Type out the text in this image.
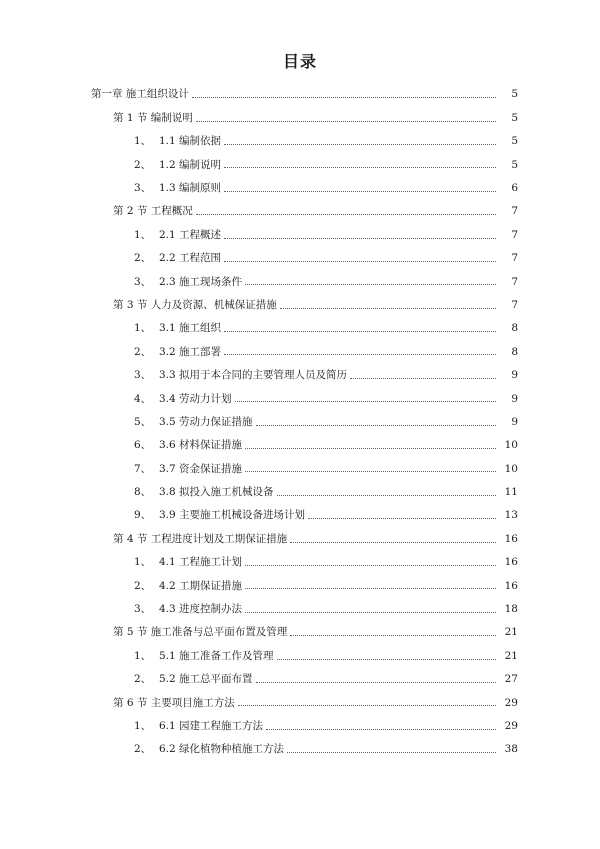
目录
第一章 施工组织设计	5
第 1 节 编制说明	5
1、 1.1 编制依据	5
2、 1.2 编制说明	5
3、 1.3 编制原则	6
第 2 节 工程概况	7
1、 2.1 工程概述	7
2、 2.2 工程范围	7
3、 2.3 施工现场条件	7
第 3 节 人力及资源、机械保证措施	7
1、 3.1 施工组织	8
2、 3.2 施工部署	8
3、 3.3 拟用于本合同的主要管理人员及简历	9
4、 3.4 劳动力计划	9
5、 3.5 劳动力保证措施	9
6、 3.6 材料保证措施	10
7、 3.7 资金保证措施	10
8、 3.8 拟投入施工机械设备	11
9、 3.9 主要施工机械设备进场计划	13
第 4 节 工程进度计划及工期保证措施	16
1、 4.1 工程施工计划	16
2、 4.2 工期保证措施	16
3、 4.3 进度控制办法	18
第 5 节 施工准备与总平面布置及管理	21
1、 5.1 施工准备工作及管理	21
2、 5.2 施工总平面布置	27
第 6 节 主要项目施工方法	29
1、 6.1 园建工程施工方法	29
2、 6.2 绿化植物种植施工方法	38
